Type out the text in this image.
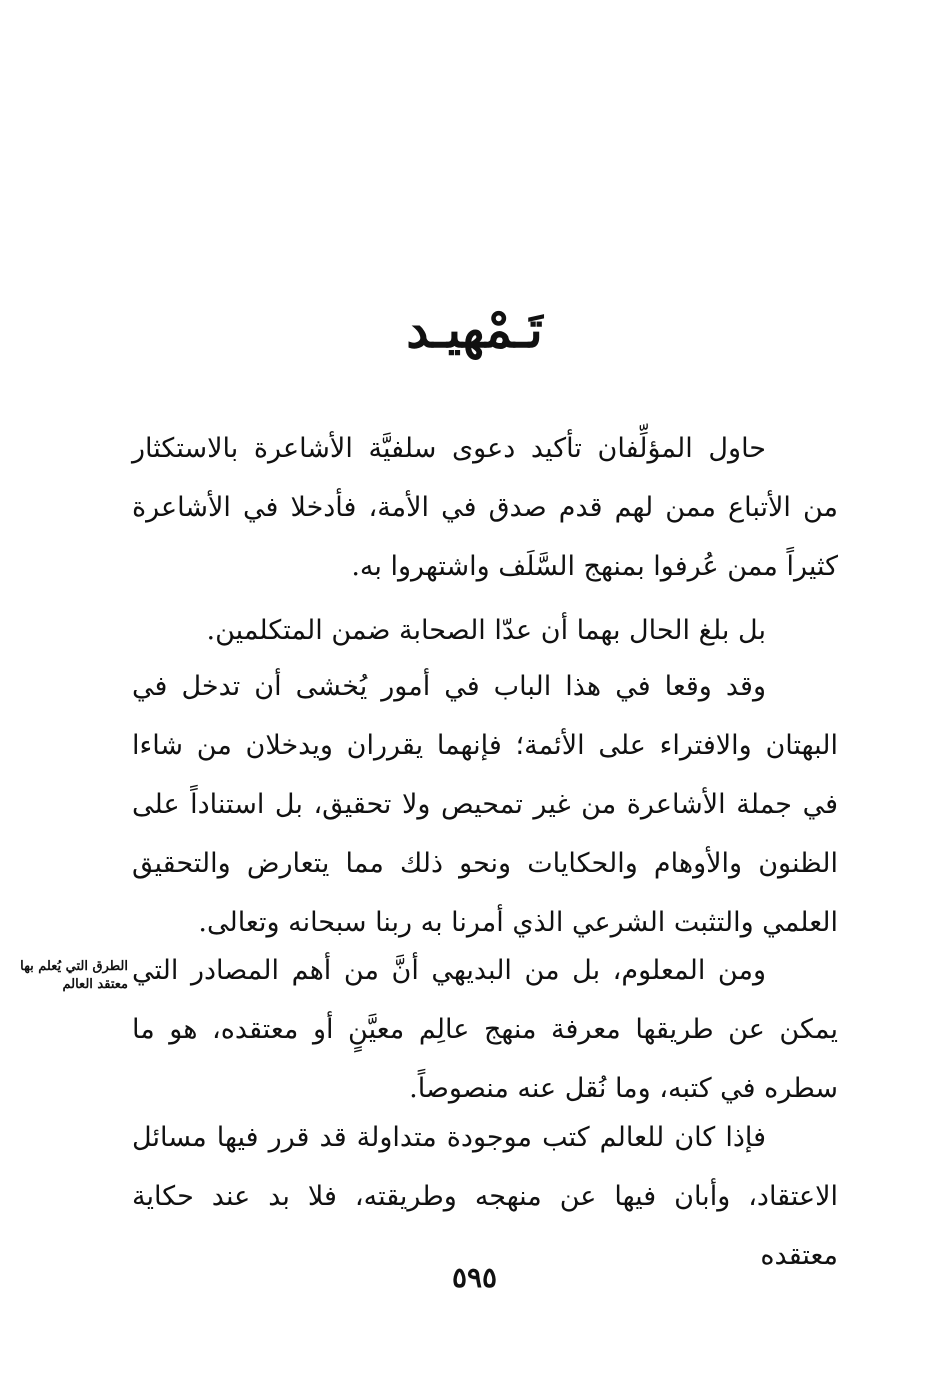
تَـمْهيـد

حاول المؤلِّفان تأكيد دعوى سلفيَّة الأشاعرة بالاستكثار من الأتباع ممن لهم قدم صدق في الأمة، فأدخلا في الأشاعرة كثيراً ممن عُرفوا بمنهج السَّلَف واشتهروا به.

بل بلغ الحال بهما أن عدّا الصحابة ضمن المتكلمين.

وقد وقعا في هذا الباب في أمور يُخشى أن تدخل في البهتان والافتراء على الأئمة؛ فإنهما يقرران ويدخلان من شاءا في جملة الأشاعرة من غير تمحيص ولا تحقيق، بل استناداً على الظنون والأوهام والحكايات ونحو ذلك مما يتعارض والتحقيق العلمي والتثبت الشرعي الذي أمرنا به ربنا سبحانه وتعالى.

ومن المعلوم، بل من البديهي أنَّ من أهم المصادر التي يمكن عن طريقها معرفة منهج عالِم معيَّنٍ أو معتقده، هو ما سطره في كتبه، وما نُقل عنه منصوصاً.

فإذا كان للعالم كتب موجودة متداولة قد قرر فيها مسائل الاعتقاد، وأبان فيها عن منهجه وطريقته، فلا بد عند حكاية معتقده

الطرق التي يُعلم بها معتقد العالم
٥٩٥
